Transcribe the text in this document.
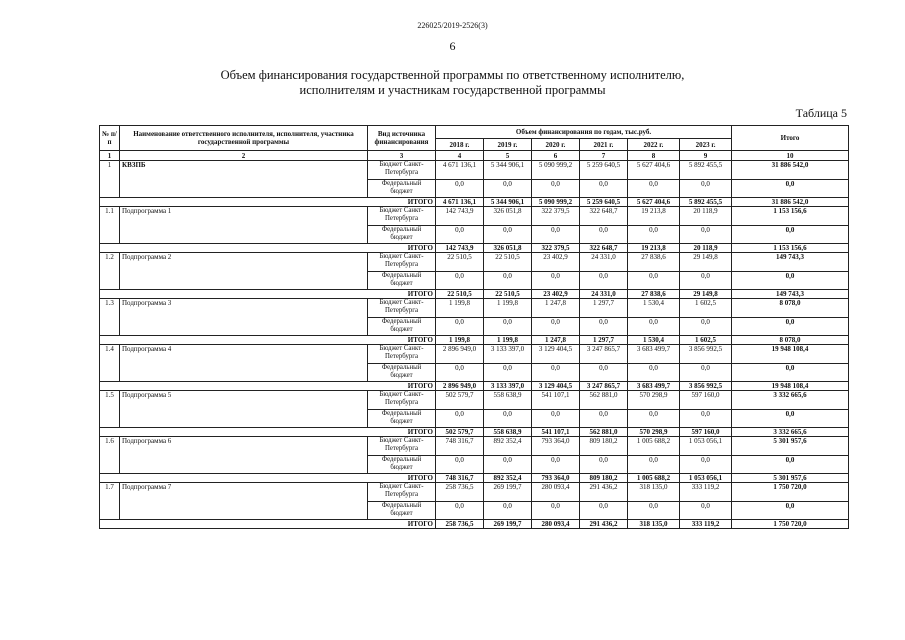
226025/2019-2526(3)
6
Объем финансирования государственной программы по ответственному исполнителю,
исполнителям и участникам государственной программы
Таблица 5
№ п/п	Наименование ответственного исполнителя, исполнителя, участника государственной программы	Вид источника финансирования	Объем финансирования по годам, тыс.руб.						Итого
			2018 г.	2019 г.	2020 г.	2021 г.	2022 г.	2023 г.	
1	2	3	4	5	6	7	8	9	10
1	КВЗПБ	Бюджет Санкт-Петербурга	4 671 136,1	5 344 906,1	5 090 999,2	5 259 640,5	5 627 404,6	5 892 455,5	31 886 542,0
		Федеральный бюджет	0,0	0,0	0,0	0,0	0,0	0,0	0,0
ИТОГО			4 671 136,1	5 344 906,1	5 090 999,2	5 259 640,5	5 627 404,6	5 892 455,5	31 886 542,0
1.1	Подпрограмма 1	Бюджет Санкт-Петербурга	142 743,9	326 051,8	322 379,5	322 648,7	19 213,8	20 118,9	1 153 156,6
		Федеральный бюджет	0,0	0,0	0,0	0,0	0,0	0,0	0,0
ИТОГО			142 743,9	326 051,8	322 379,5	322 648,7	19 213,8	20 118,9	1 153 156,6
1.2	Подпрограмма 2	Бюджет Санкт-Петербурга	22 510,5	22 510,5	23 402,9	24 331,0	27 838,6	29 149,8	149 743,3
		Федеральный бюджет	0,0	0,0	0,0	0,0	0,0	0,0	0,0
ИТОГО			22 510,5	22 510,5	23 402,9	24 331,0	27 838,6	29 149,8	149 743,3
1.3	Подпрограмма 3	Бюджет Санкт-Петербурга	1 199,8	1 199,8	1 247,8	1 297,7	1 530,4	1 602,5	8 078,0
		Федеральный бюджет	0,0	0,0	0,0	0,0	0,0	0,0	0,0
ИТОГО			1 199,8	1 199,8	1 247,8	1 297,7	1 530,4	1 602,5	8 078,0
1.4	Подпрограмма 4	Бюджет Санкт-Петербурга	2 896 949,0	3 133 397,0	3 129 404,5	3 247 865,7	3 683 499,7	3 856 992,5	19 948 108,4
		Федеральный бюджет	0,0	0,0	0,0	0,0	0,0	0,0	0,0
ИТОГО			2 896 949,0	3 133 397,0	3 129 404,5	3 247 865,7	3 683 499,7	3 856 992,5	19 948 108,4
1.5	Подпрограмма 5	Бюджет Санкт-Петербурга	502 579,7	558 638,9	541 107,1	562 881,0	570 298,9	597 160,0	3 332 665,6
		Федеральный бюджет	0,0	0,0	0,0	0,0	0,0	0,0	0,0
ИТОГО			502 579,7	558 638,9	541 107,1	562 881,0	570 298,9	597 160,0	3 332 665,6
1.6	Подпрограмма 6	Бюджет Санкт-Петербурга	748 316,7	892 352,4	793 364,0	809 180,2	1 005 688,2	1 053 056,1	5 301 957,6
		Федеральный бюджет	0,0	0,0	0,0	0,0	0,0	0,0	0,0
ИТОГО			748 316,7	892 352,4	793 364,0	809 180,2	1 005 688,2	1 053 056,1	5 301 957,6
1.7	Подпрограмма 7	Бюджет Санкт-Петербурга	258 736,5	269 199,7	280 093,4	291 436,2	318 135,0	333 119,2	1 750 720,0
		Федеральный бюджет	0,0	0,0	0,0	0,0	0,0	0,0	0,0
ИТОГО			258 736,5	269 199,7	280 093,4	291 436,2	318 135,0	333 119,2	1 750 720,0
